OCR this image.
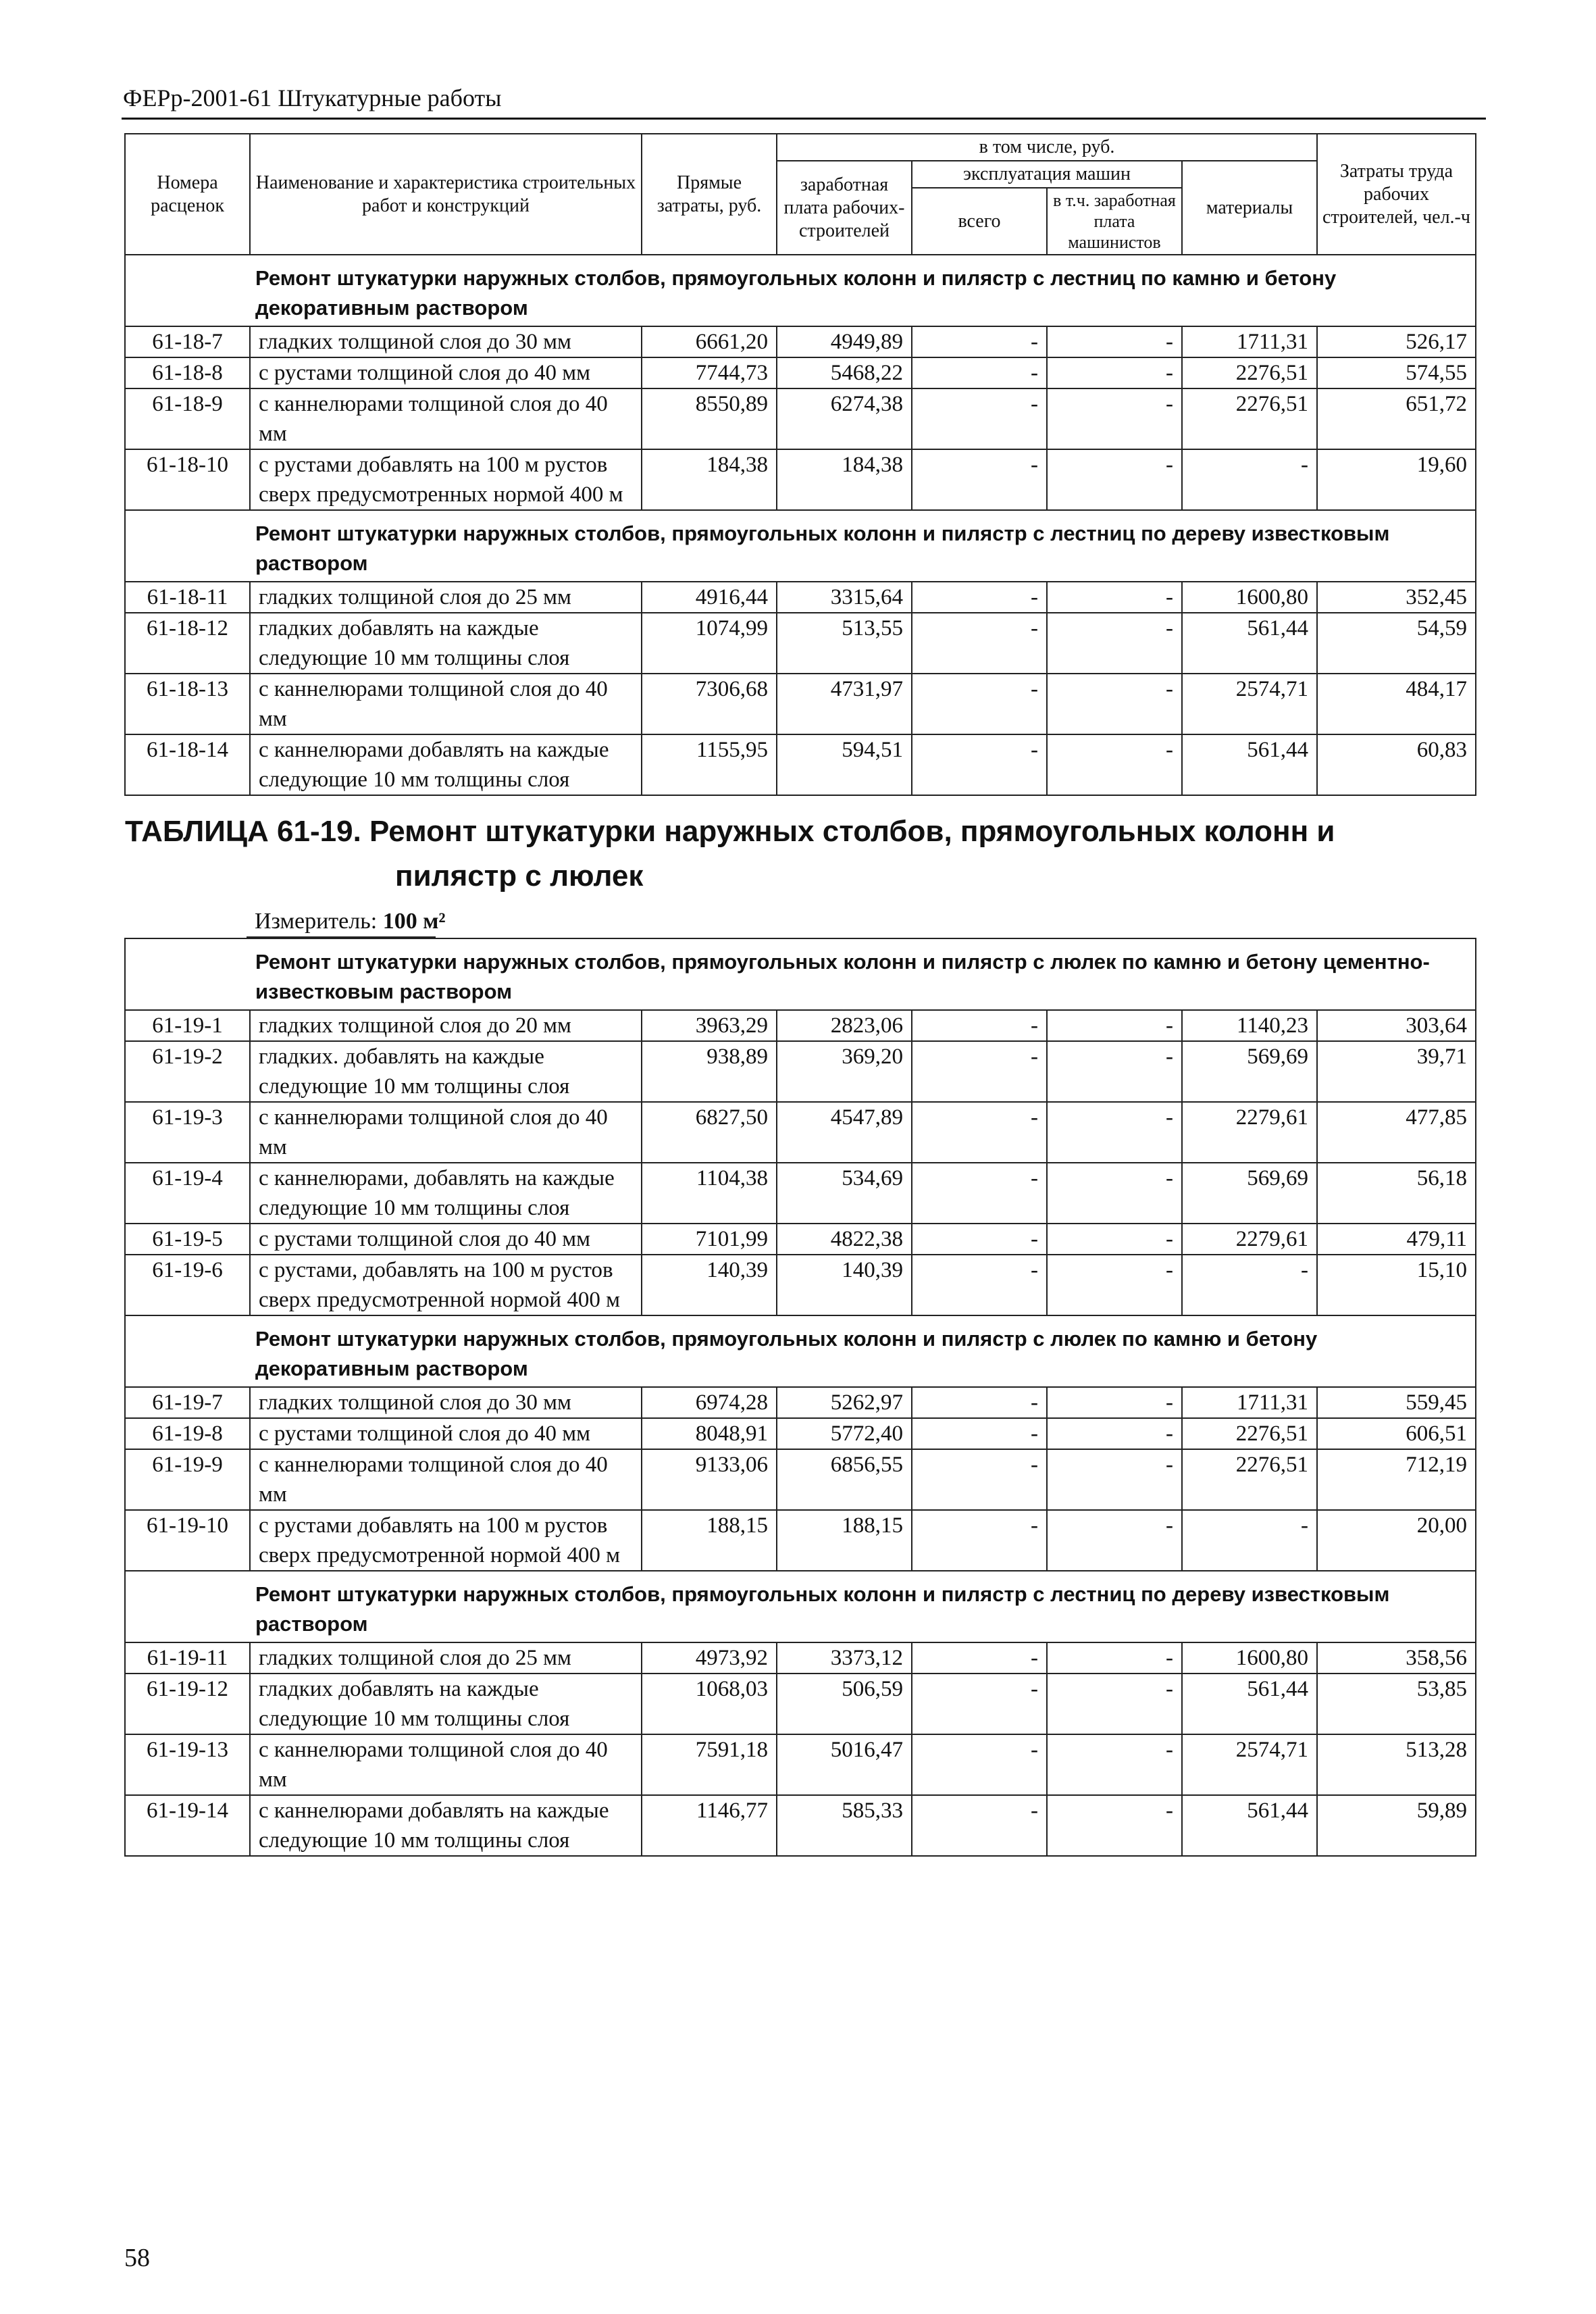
ФЕРр-2001-61 Штукатурные работы
Номера расценок	Наименование и характеристика строительных работ и конструкций	Прямые затраты, руб.	в том числе, руб.				Затраты труда рабочих строителей, чел.-ч
			заработная плата рабочих-строителей	эксплуатация машин		материалы	
				всего	в т.ч. заработная плата машинистов		
Ремонт штукатурки наружных столбов, прямоугольных колонн и пилястр с лестниц по камню и бетону декоративным раствором							
61-18-7	гладких толщиной слоя до 30 мм	6661,20	4949,89	-	-	1711,31	526,17
61-18-8	с рустами толщиной слоя до 40 мм	7744,73	5468,22	-	-	2276,51	574,55
61-18-9	с каннелюрами толщиной слоя до 40 мм	8550,89	6274,38	-	-	2276,51	651,72
61-18-10	с рустами добавлять на 100 м рустов сверх предусмотренных нормой 400 м	184,38	184,38	-	-	-	19,60
Ремонт штукатурки наружных столбов, прямоугольных колонн и пилястр с лестниц по дереву известковым раствором							
61-18-11	гладких толщиной слоя до 25 мм	4916,44	3315,64	-	-	1600,80	352,45
61-18-12	гладких добавлять на каждые следующие 10 мм толщины слоя	1074,99	513,55	-	-	561,44	54,59
61-18-13	с каннелюрами толщиной слоя до 40 мм	7306,68	4731,97	-	-	2574,71	484,17
61-18-14	с каннелюрами добавлять на каждые следующие 10 мм толщины слоя	1155,95	594,51	-	-	561,44	60,83

ТАБЛИЦА 61-19. Ремонт штукатурки наружных столбов, прямоугольных колонн и
пилястр с люлек
Измеритель: 100 м²							

Ремонт штукатурки наружных столбов, прямоугольных колонн и пилястр с люлек по камню и бетону цементно-известковым раствором							
61-19-1	гладких толщиной слоя до 20 мм	3963,29	2823,06	-	-	1140,23	303,64
61-19-2	гладких. добавлять на каждые следующие 10 мм толщины слоя	938,89	369,20	-	-	569,69	39,71
61-19-3	с каннелюрами толщиной слоя до 40 мм	6827,50	4547,89	-	-	2279,61	477,85
61-19-4	с каннелюрами, добавлять на каждые следующие 10 мм толщины слоя	1104,38	534,69	-	-	569,69	56,18
61-19-5	с рустами толщиной слоя до 40 мм	7101,99	4822,38	-	-	2279,61	479,11
61-19-6	с рустами, добавлять на 100 м рустов сверх предусмотренной нормой 400 м	140,39	140,39	-	-	-	15,10
Ремонт штукатурки наружных столбов, прямоугольных колонн и пилястр с люлек по камню и бетону декоративным раствором							
61-19-7	гладких толщиной слоя до 30 мм	6974,28	5262,97	-	-	1711,31	559,45
61-19-8	с рустами толщиной слоя до 40 мм	8048,91	5772,40	-	-	2276,51	606,51
61-19-9	с каннелюрами толщиной слоя до 40 мм	9133,06	6856,55	-	-	2276,51	712,19
61-19-10	с рустами добавлять на 100 м рустов сверх предусмотренной нормой 400 м	188,15	188,15	-	-	-	20,00
Ремонт штукатурки наружных столбов, прямоугольных колонн и пилястр с лестниц по дереву известковым раствором							
61-19-11	гладких толщиной слоя до 25 мм	4973,92	3373,12	-	-	1600,80	358,56
61-19-12	гладких добавлять на каждые следующие 10 мм толщины слоя	1068,03	506,59	-	-	561,44	53,85
61-19-13	с каннелюрами толщиной слоя до 40 мм	7591,18	5016,47	-	-	2574,71	513,28
61-19-14	с каннелюрами добавлять на каждые следующие 10 мм толщины слоя	1146,77	585,33	-	-	561,44	59,89
58
